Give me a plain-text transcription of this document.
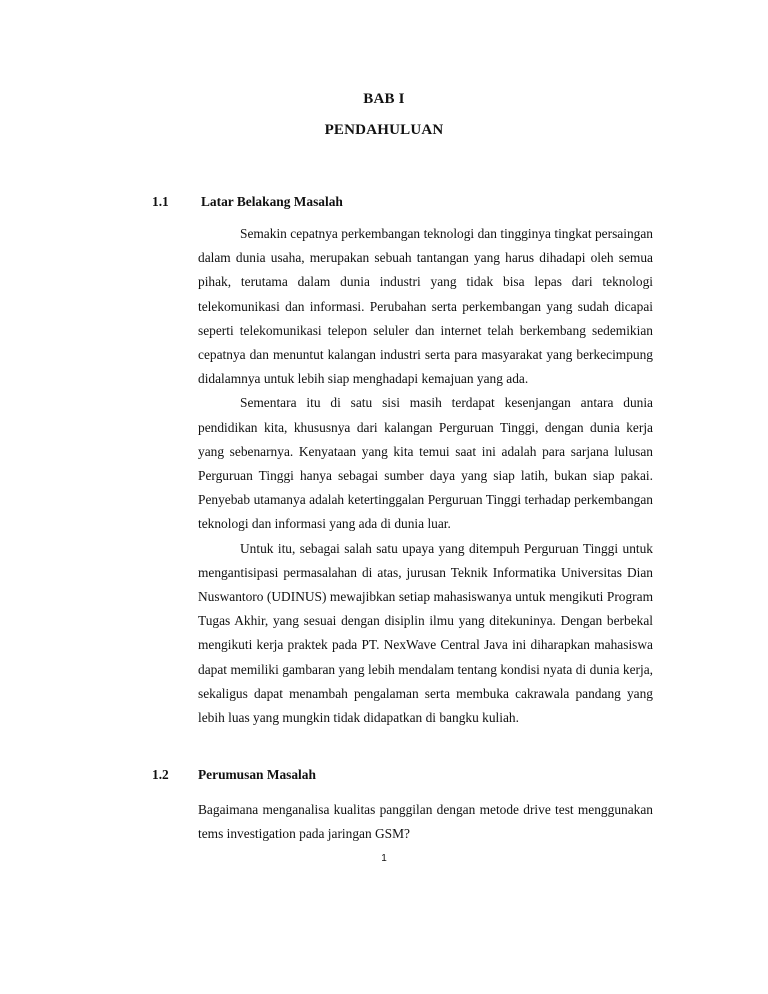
BAB I
PENDAHULUAN
1.1 Latar Belakang Masalah

Semakin cepatnya perkembangan teknologi dan tingginya tingkat persaingan dalam dunia usaha, merupakan sebuah tantangan yang harus dihadapi oleh semua pihak, terutama dalam dunia industri yang tidak bisa lepas dari teknologi telekomunikasi dan informasi. Perubahan serta perkembangan yang sudah dicapai seperti telekomunikasi telepon seluler dan internet telah berkembang sedemikian cepatnya dan menuntut kalangan industri serta para masyarakat yang berkecimpung didalamnya untuk lebih siap menghadapi kemajuan yang ada.

Sementara itu di satu sisi masih terdapat kesenjangan antara dunia pendidikan kita, khususnya dari kalangan Perguruan Tinggi, dengan dunia kerja yang sebenarnya. Kenyataan yang kita temui saat ini adalah para sarjana lulusan Perguruan Tinggi hanya sebagai sumber daya yang siap latih, bukan siap pakai. Penyebab utamanya adalah ketertinggalan Perguruan Tinggi terhadap perkembangan teknologi dan informasi yang ada di dunia luar.

Untuk itu, sebagai salah satu upaya yang ditempuh Perguruan Tinggi untuk mengantisipasi permasalahan di atas, jurusan Teknik Informatika Universitas Dian Nuswantoro (UDINUS) mewajibkan setiap mahasiswanya untuk mengikuti Program Tugas Akhir, yang sesuai dengan disiplin ilmu yang ditekuninya. Dengan berbekal mengikuti kerja praktek pada PT. NexWave Central Java ini diharapkan mahasiswa dapat memiliki gambaran yang lebih mendalam tentang kondisi nyata di dunia kerja, sekaligus dapat menambah pengalaman serta membuka cakrawala pandang yang lebih luas yang mungkin tidak didapatkan di bangku kuliah.

1.2 Perumusan Masalah

Bagaimana menganalisa kualitas panggilan dengan metode drive test menggunakan tems investigation pada jaringan GSM?

1
